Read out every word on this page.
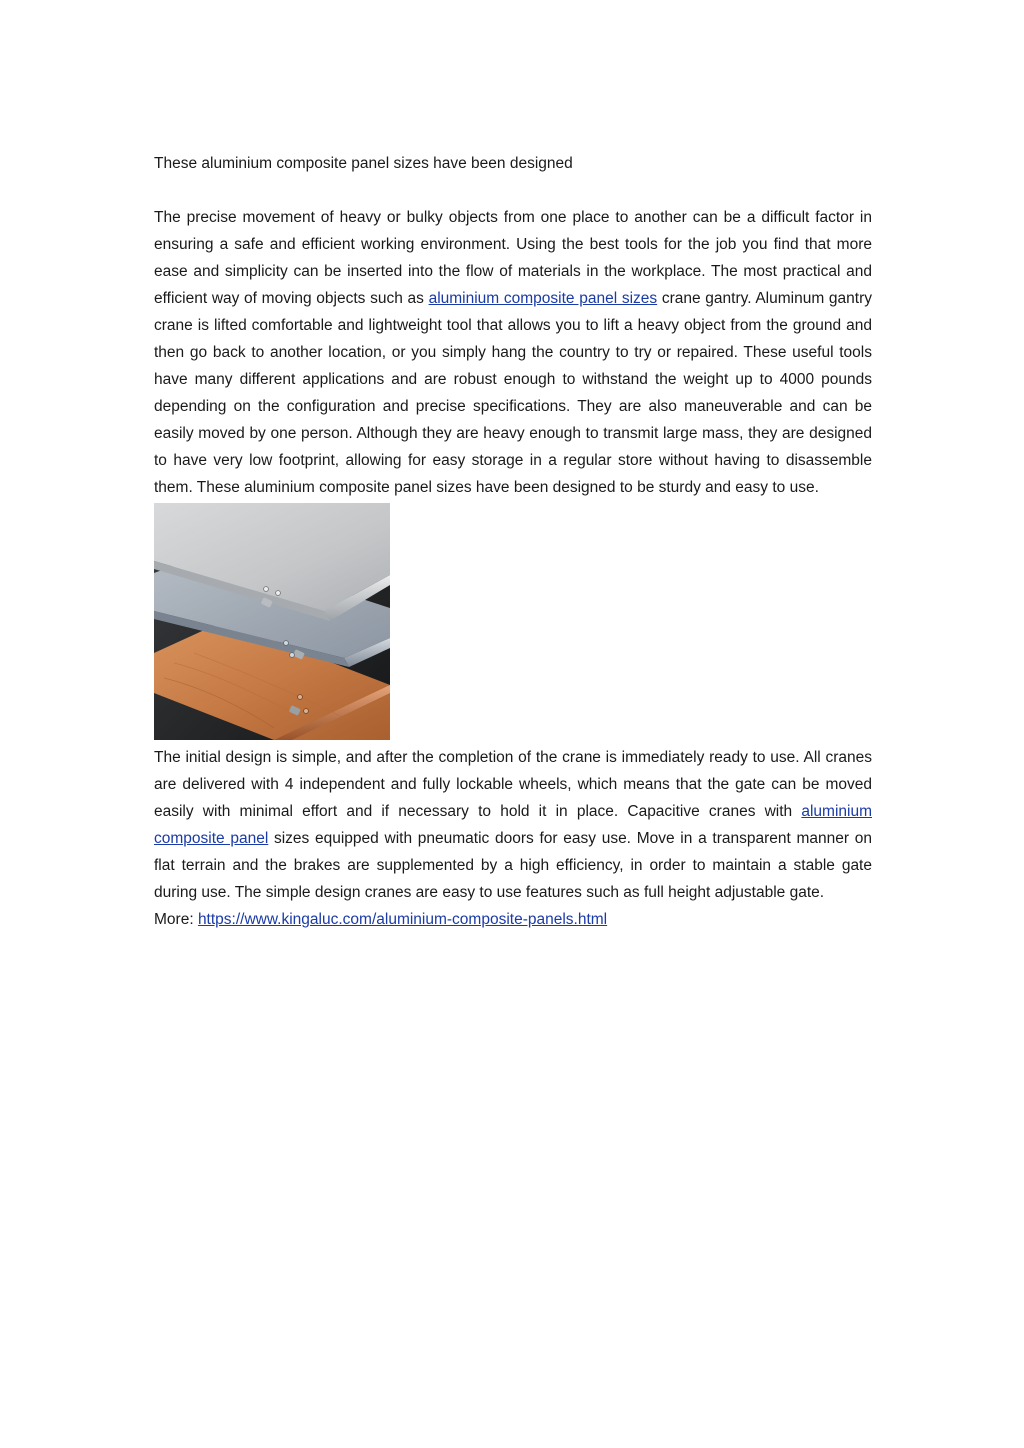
These aluminium composite panel sizes have been designed

The precise movement of heavy or bulky objects from one place to another can be a difficult factor in ensuring a safe and efficient working environment. Using the best tools for the job you find that more ease and simplicity can be inserted into the flow of materials in the workplace. The most practical and efficient way of moving objects such as aluminium composite panel sizes crane gantry. Aluminum gantry crane is lifted comfortable and lightweight tool that allows you to lift a heavy object from the ground and then go back to another location, or you simply hang the country to try or repaired. These useful tools have many different applications and are robust enough to withstand the weight up to 4000 pounds depending on the configuration and precise specifications. They are also maneuverable and can be easily moved by one person. Although they are heavy enough to transmit large mass, they are designed to have very low footprint, allowing for easy storage in a regular store without having to disassemble them. These aluminium composite panel sizes have been designed to be sturdy and easy to use.

The initial design is simple, and after the completion of the crane is immediately ready to use. All cranes are delivered with 4 independent and fully lockable wheels, which means that the gate can be moved easily with minimal effort and if necessary to hold it in place. Capacitive cranes with aluminium composite panel sizes equipped with pneumatic doors for easy use. Move in a transparent manner on flat terrain and the brakes are supplemented by a high efficiency, in order to maintain a stable gate during use. The simple design cranes are easy to use features such as full height adjustable gate.

More: https://www.kingaluc.com/aluminium-composite-panels.html
